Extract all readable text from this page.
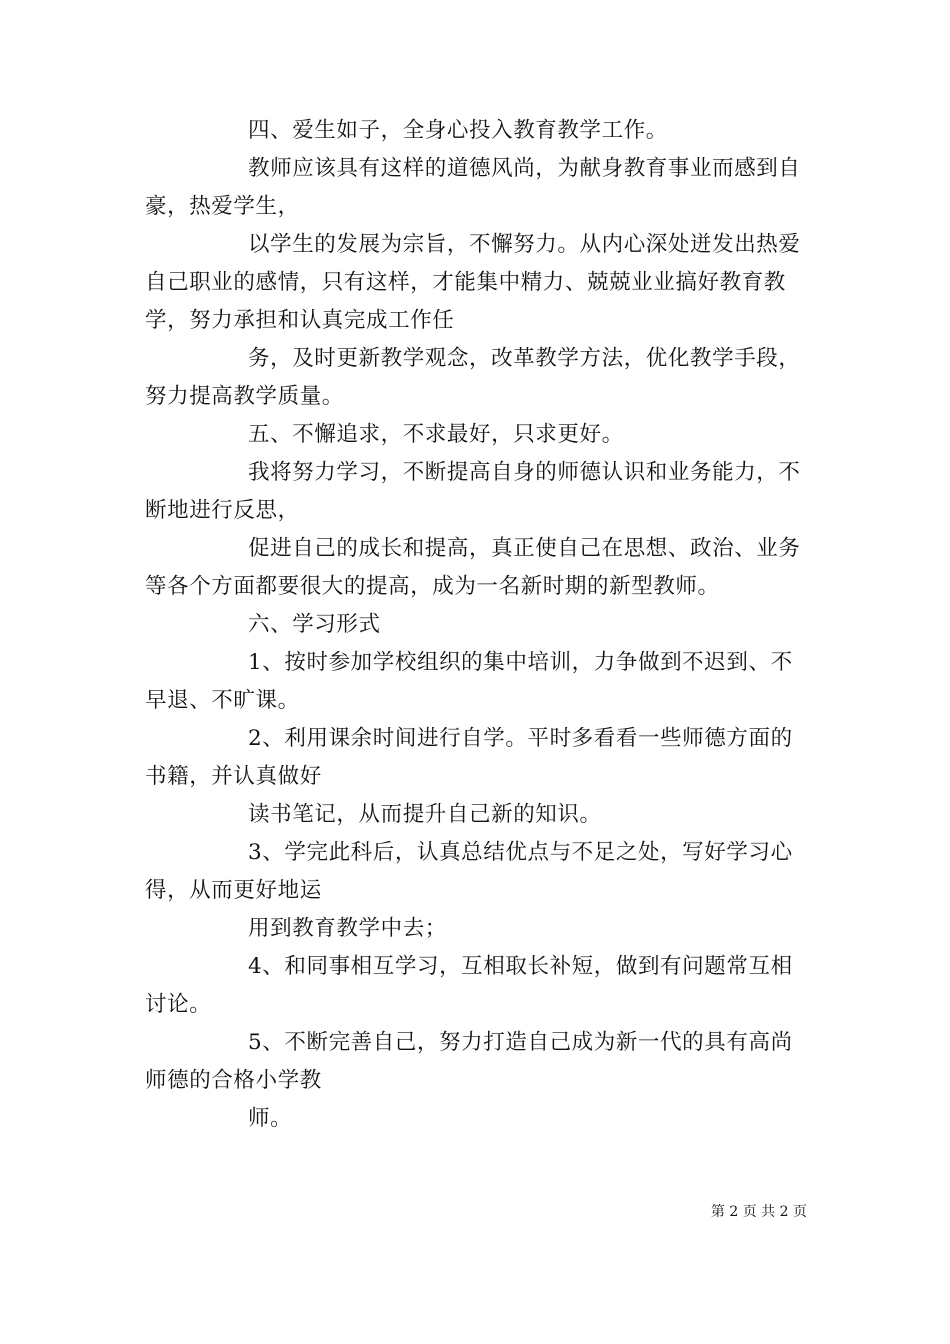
四、爱生如子，全身心投入教育教学工作。

教师应该具有这样的道德风尚，为献身教育事业而感到自豪，热爱学生，

以学生的发展为宗旨，不懈努力。从内心深处迸发出热爱自己职业的感情，只有这样，才能集中精力、兢兢业业搞好教育教学，努力承担和认真完成工作任

务，及时更新教学观念，改革教学方法，优化教学手段，努力提高教学质量。

五、不懈追求，不求最好，只求更好。

我将努力学习，不断提高自身的师德认识和业务能力，不断地进行反思，

促进自己的成长和提高，真正使自己在思想、政治、业务等各个方面都要很大的提高，成为一名新时期的新型教师。

六、学习形式

1、按时参加学校组织的集中培训，力争做到不迟到、不早退、不旷课。

2、利用课余时间进行自学。平时多看看一些师德方面的书籍，并认真做好

读书笔记，从而提升自己新的知识。

3、学完此科后，认真总结优点与不足之处，写好学习心得，从而更好地运

用到教育教学中去；

4、和同事相互学习，互相取长补短，做到有问题常互相讨论。

5、不断完善自己，努力打造自己成为新一代的具有高尚师德的合格小学教

师。

第 2 页 共 2 页
